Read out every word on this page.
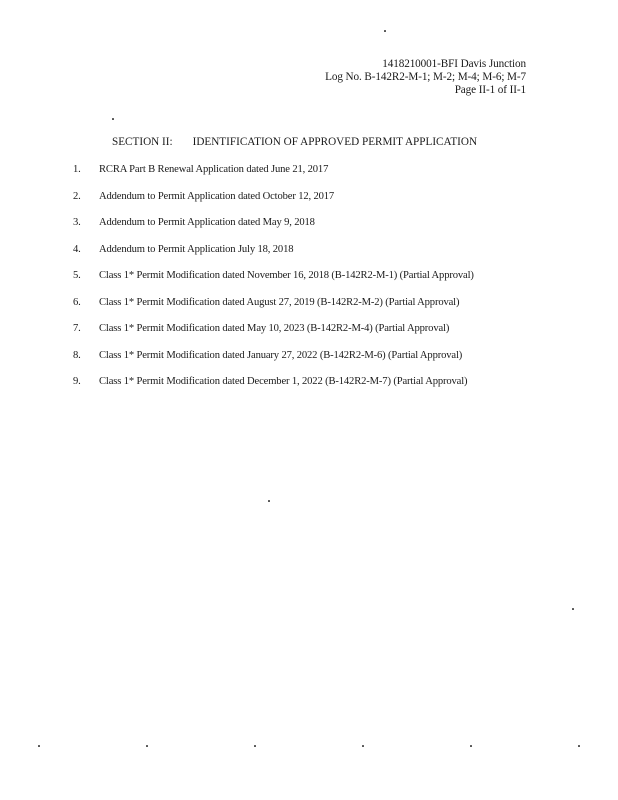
1418210001-BFI Davis Junction
Log No. B-142R2-M-1; M-2; M-4; M-6; M-7
Page II-1 of II-1
SECTION II: IDENTIFICATION OF APPROVED PERMIT APPLICATION
1. RCRA Part B Renewal Application dated June 21, 2017
2. Addendum to Permit Application dated October 12, 2017
3. Addendum to Permit Application dated May 9, 2018
4. Addendum to Permit Application July 18, 2018
5. Class 1* Permit Modification dated November 16, 2018 (B-142R2-M-1) (Partial Approval)
6. Class 1* Permit Modification dated August 27, 2019 (B-142R2-M-2) (Partial Approval)
7. Class 1* Permit Modification dated May 10, 2023 (B-142R2-M-4) (Partial Approval)
8. Class 1* Permit Modification dated January 27, 2022 (B-142R2-M-6) (Partial Approval)
9. Class 1* Permit Modification dated December 1, 2022 (B-142R2-M-7) (Partial Approval)
